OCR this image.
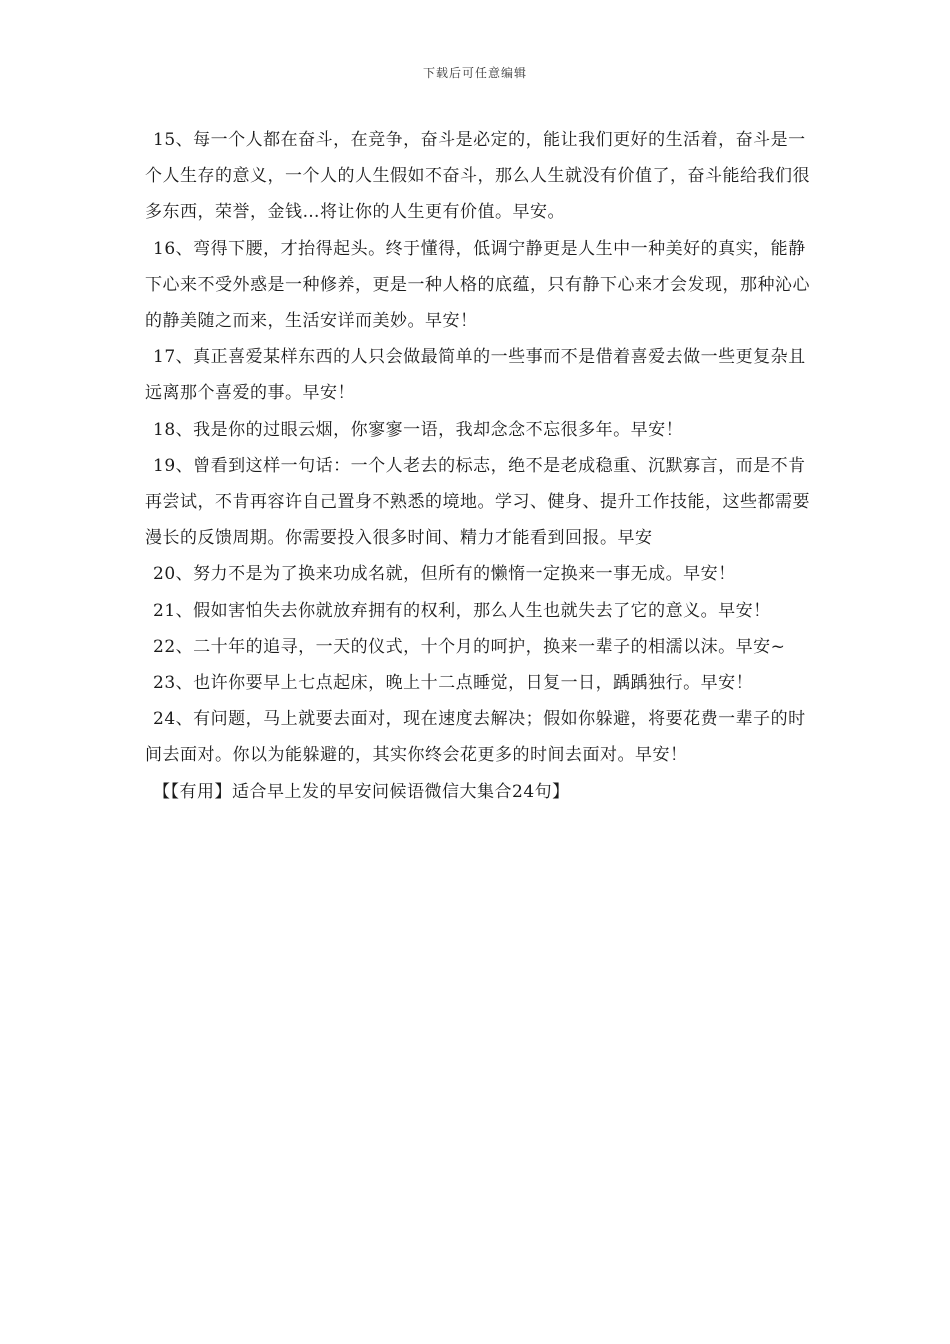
下载后可任意编辑

15、每一个人都在奋斗，在竞争，奋斗是必定的，能让我们更好的生活着，奋斗是一个人生存的意义，一个人的人生假如不奋斗，那么人生就没有价值了，奋斗能给我们很多东西，荣誉，金钱…将让你的人生更有价值。早安。

16、弯得下腰，才抬得起头。终于懂得，低调宁静更是人生中一种美好的真实，能静下心来不受外惑是一种修养，更是一种人格的底蕴，只有静下心来才会发现，那种沁心的静美随之而来，生活安详而美妙。早安！

17、真正喜爱某样东西的人只会做最简单的一些事而不是借着喜爱去做一些更复杂且远离那个喜爱的事。早安！

18、我是你的过眼云烟，你寥寥一语，我却念念不忘很多年。早安！

19、曾看到这样一句话：一个人老去的标志，绝不是老成稳重、沉默寡言，而是不肯再尝试，不肯再容许自己置身不熟悉的境地。学习、健身、提升工作技能，这些都需要漫长的反馈周期。你需要投入很多时间、精力才能看到回报。早安

20、努力不是为了换来功成名就，但所有的懒惰一定换来一事无成。早安！

21、假如害怕失去你就放弃拥有的权利，那么人生也就失去了它的意义。早安！

22、二十年的追寻，一天的仪式，十个月的呵护，换来一辈子的相濡以沫。早安~

23、也许你要早上七点起床，晚上十二点睡觉，日复一日，踽踽独行。早安！

24、有问题，马上就要去面对，现在速度去解决；假如你躲避，将要花费一辈子的时间去面对。你以为能躲避的，其实你终会花更多的时间去面对。早安！

【【有用】适合早上发的早安问候语微信大集合24句】
